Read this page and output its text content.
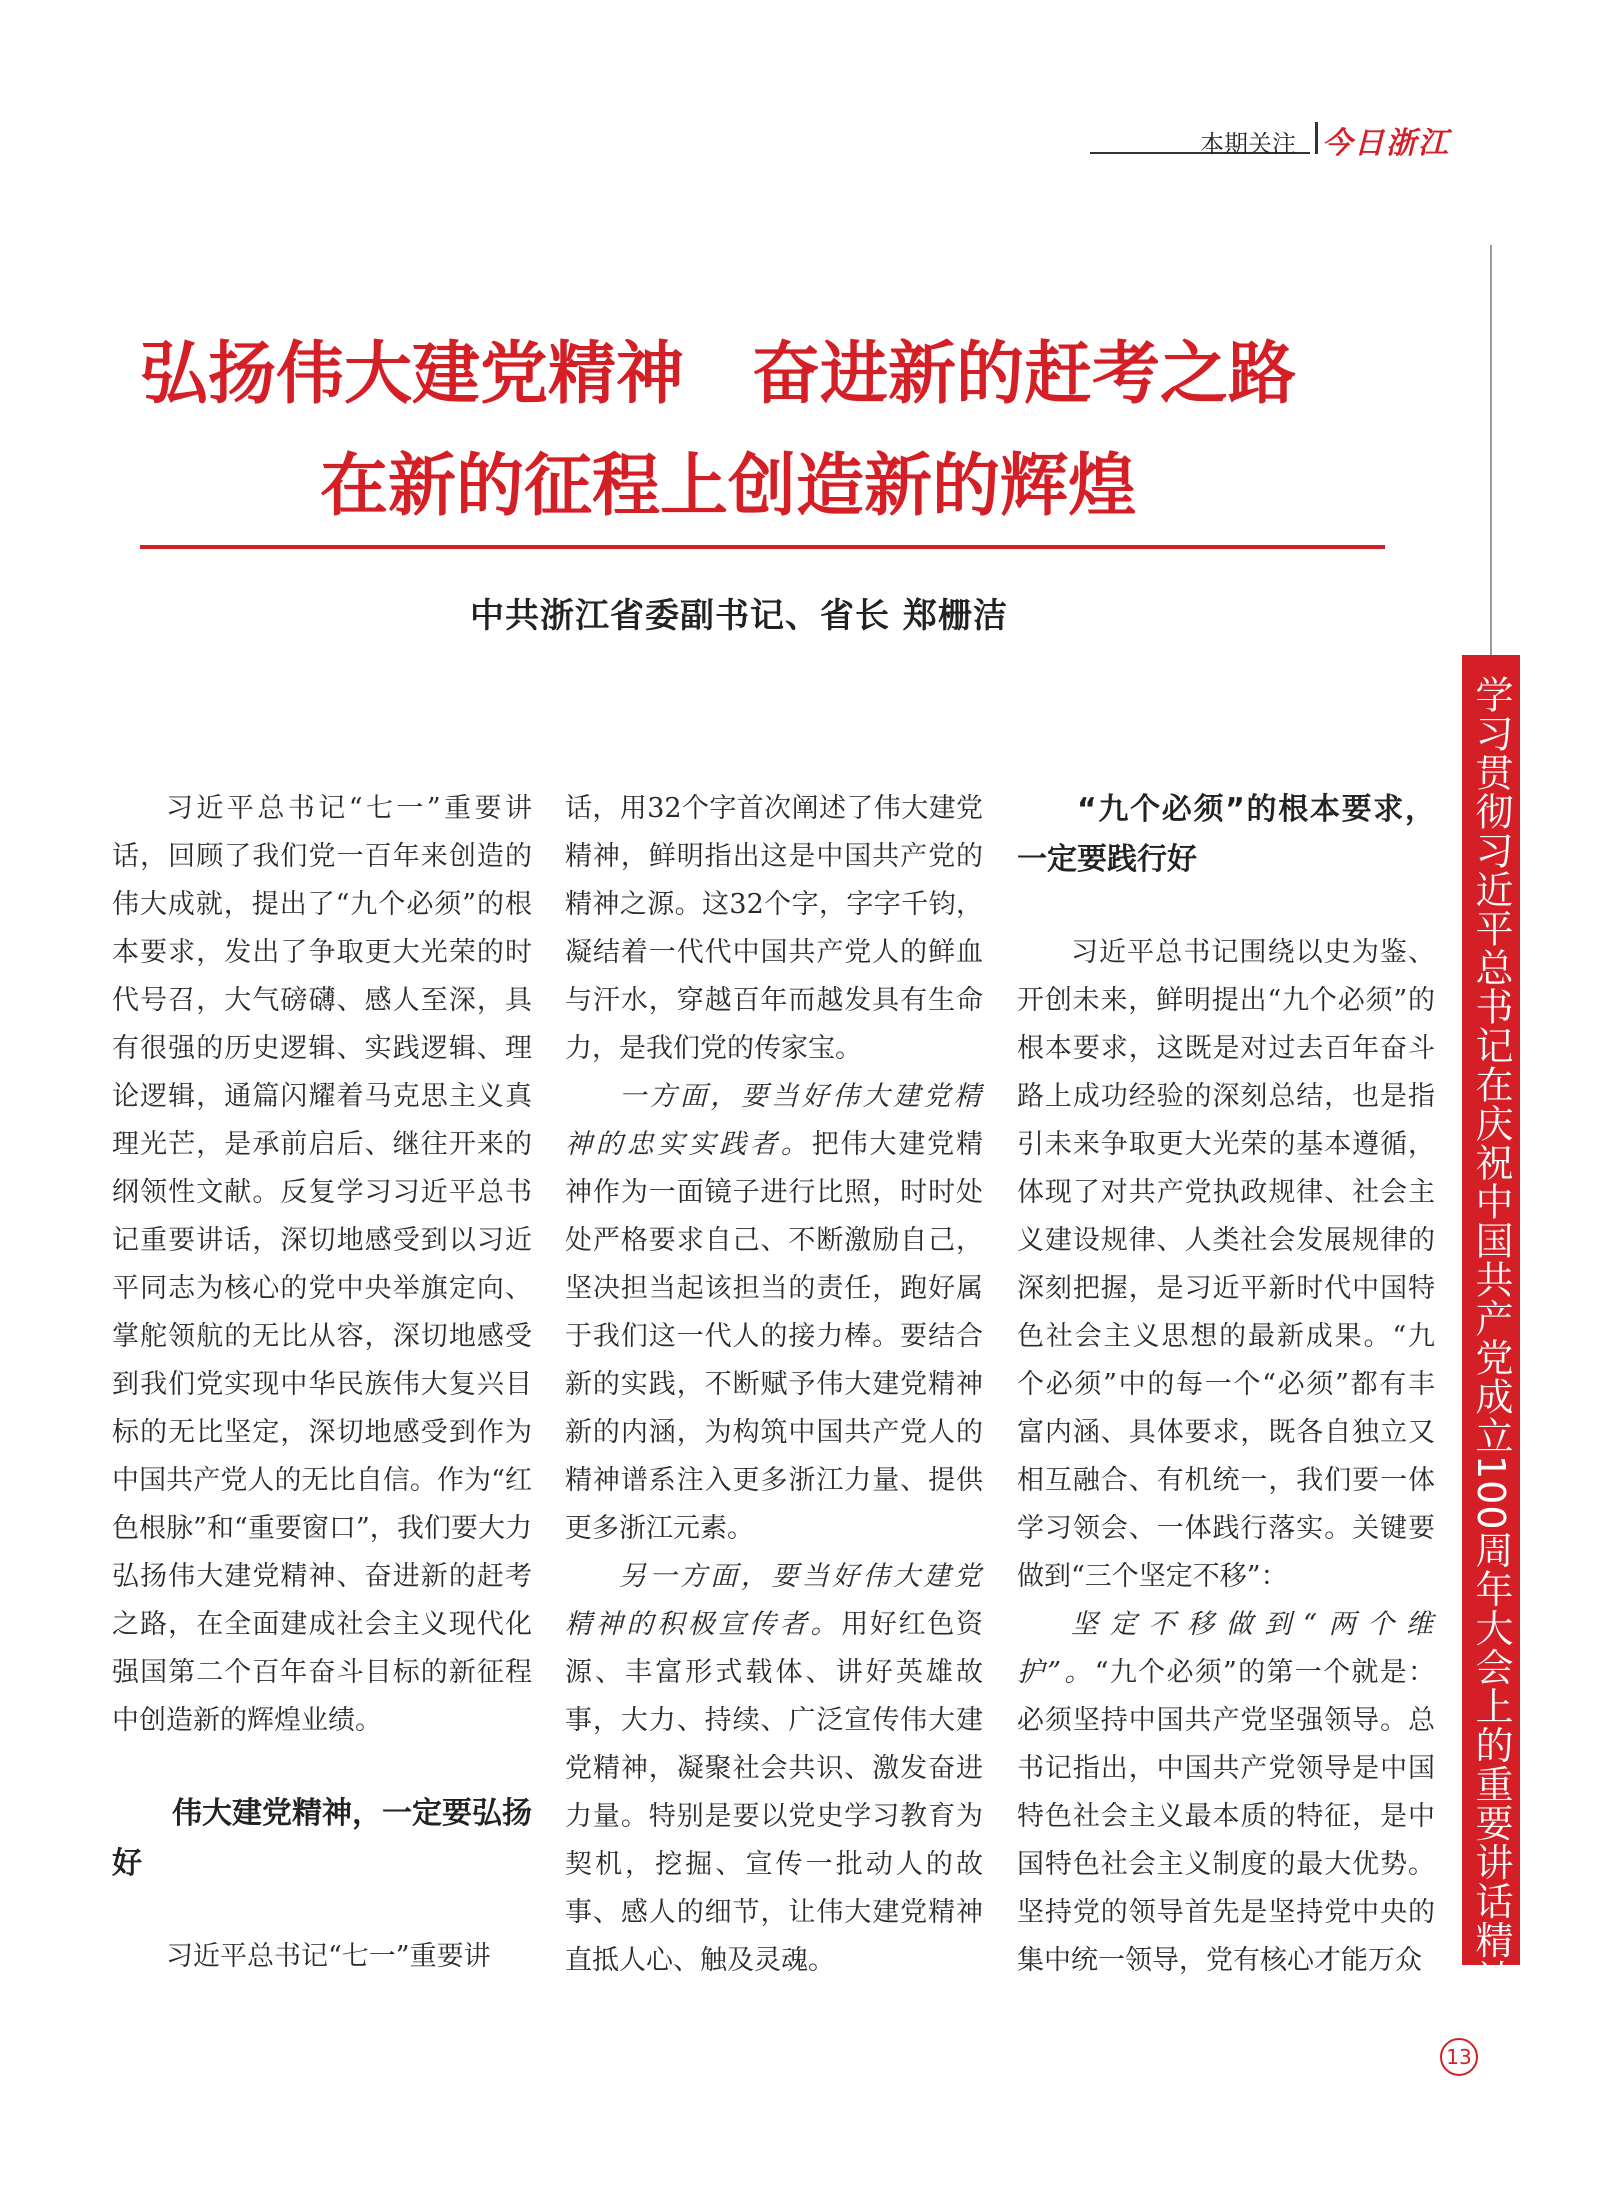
本期关注 今日浙江
弘扬伟大建党精神　奋进新的赶考之路
在新的征程上创造新的辉煌
中共浙江省委副书记、省长 郑栅洁
学习贯彻习近平总书记在庆祝中国共产党成立100周年大会上的重要讲话精神

习近平总书记“七一”重要讲话，回顾了我们党一百年来创造的伟大成就，提出了“九个必须”的根本要求，发出了争取更大光荣的时代号召，大气磅礴、感人至深，具有很强的历史逻辑、实践逻辑、理论逻辑，通篇闪耀着马克思主义真理光芒，是承前启后、继往开来的纲领性文献。反复学习习近平总书记重要讲话，深切地感受到以习近平同志为核心的党中央举旗定向、掌舵领航的无比从容，深切地感受到我们党实现中华民族伟大复兴目标的无比坚定，深切地感受到作为中国共产党人的无比自信。作为“红色根脉”和“重要窗口”，我们要大力弘扬伟大建党精神、奋进新的赶考之路，在全面建成社会主义现代化强国第二个百年奋斗目标的新征程中创造新的辉煌业绩。

伟大建党精神，一定要弘扬好

习近平总书记“七一”重要讲

话，用32个字首次阐述了伟大建党精神，鲜明指出这是中国共产党的精神之源。这32个字，字字千钧，凝结着一代代中国共产党人的鲜血与汗水，穿越百年而越发具有生命力，是我们党的传家宝。

一方面，要当好伟大建党精神的忠实实践者。把伟大建党精神作为一面镜子进行比照，时时处处严格要求自己、不断激励自己，坚决担当起该担当的责任，跑好属于我们这一代人的接力棒。要结合新的实践，不断赋予伟大建党精神新的内涵，为构筑中国共产党人的精神谱系注入更多浙江力量、提供更多浙江元素。

另一方面，要当好伟大建党精神的积极宣传者。用好红色资源、丰富形式载体、讲好英雄故事，大力、持续、广泛宣传伟大建党精神，凝聚社会共识、激发奋进力量。特别是要以党史学习教育为契机，挖掘、宣传一批动人的故事、感人的细节，让伟大建党精神直抵人心、触及灵魂。

“九个必须”的根本要求，一定要践行好

习近平总书记围绕以史为鉴、开创未来，鲜明提出“九个必须”的根本要求，这既是对过去百年奋斗路上成功经验的深刻总结，也是指引未来争取更大光荣的基本遵循，体现了对共产党执政规律、社会主义建设规律、人类社会发展规律的深刻把握，是习近平新时代中国特色社会主义思想的最新成果。“九个必须”中的每一个“必须”都有丰富内涵、具体要求，既各自独立又相互融合、有机统一，我们要一体学习领会、一体践行落实。关键要做到“三个坚定不移”：

坚定不移做到“两个维护”。“九个必须”的第一个就是：必须坚持中国共产党坚强领导。总书记指出，中国共产党领导是中国特色社会主义最本质的特征，是中国特色社会主义制度的最大优势。坚持党的领导首先是坚持党中央的集中统一领导，党有核心才能万众

13
